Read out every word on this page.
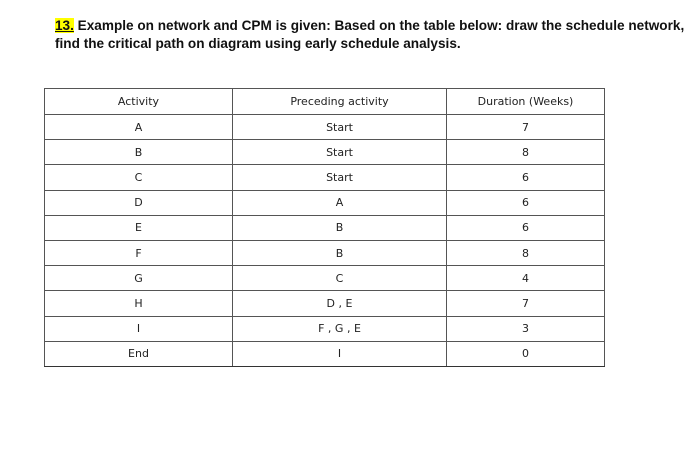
13. Example on network and CPM is given: Based on the table below: draw the schedule network, find the critical path on diagram using early schedule analysis.
Activity	Preceding activity	Duration (Weeks)
A	Start	7
B	Start	8
C	Start	6
D	A	6
E	B	6
F	B	8
G	C	4
H	D , E	7
I	F , G , E	3
End	I	0
